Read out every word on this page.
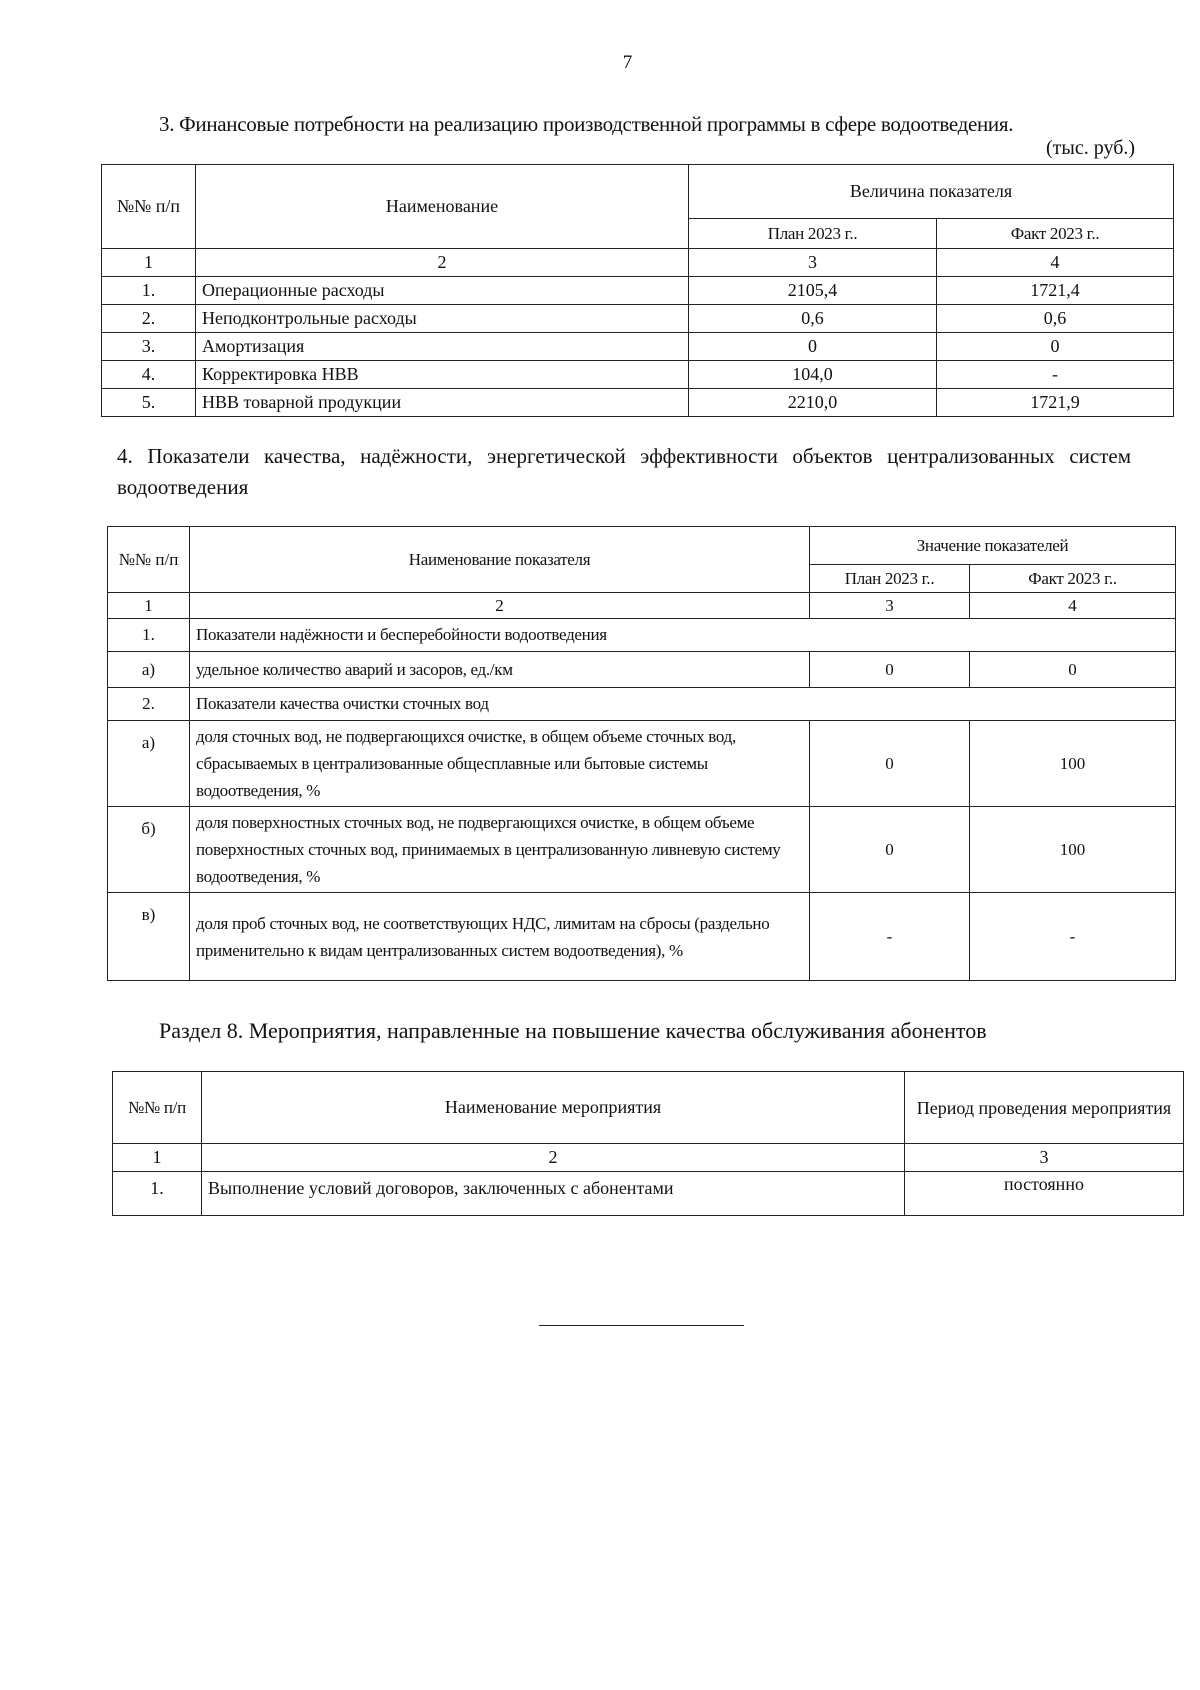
7
3. Финансовые потребности на реализацию производственной программы в сфере водоотведения.
(тыс. руб.)
№№ п/п	Наименование	Величина показателя	
		План 2023 г..	Факт 2023 г..
1	2	3	4
1.	Операционные расходы	2105,4	1721,4
2.	Неподконтрольные расходы	0,6	0,6
3.	Амортизация	0	0
4.	Корректировка НВВ	104,0	-
5.	НВВ товарной продукции	2210,0	1721,9
4. Показатели качества, надёжности, энергетической эффективности объектов централизованных систем водоотведения
№№ п/п	Наименование показателя	Значение показателей	
		План 2023 г..	Факт 2023 г..
1	2	3	4
1.	Показатели надёжности и бесперебойности водоотведения		
а)	удельное количество аварий и засоров, ед./км	0	0
2.	Показатели качества очистки сточных вод		
а)	доля сточных вод, не подвергающихся очистке, в общем объеме сточных вод, сбрасываемых в централизованные общесплавные или бытовые системы водоотведения, %	0	100
б)	доля поверхностных сточных вод, не подвергающихся очистке, в общем объеме поверхностных сточных вод, принимаемых в централизованную ливневую систему водоотведения, %	0	100
в)	доля проб сточных вод, не соответствующих НДС, лимитам на сбросы (раздельно применительно к видам централизованных систем водоотведения), %	-	-
Раздел 8. Мероприятия, направленные на повышение качества обслуживания абонентов
№№ п/п	Наименование мероприятия	Период проведения мероприятия
1	2	3
1.	Выполнение условий договоров, заключенных с абонентами	постоянно
